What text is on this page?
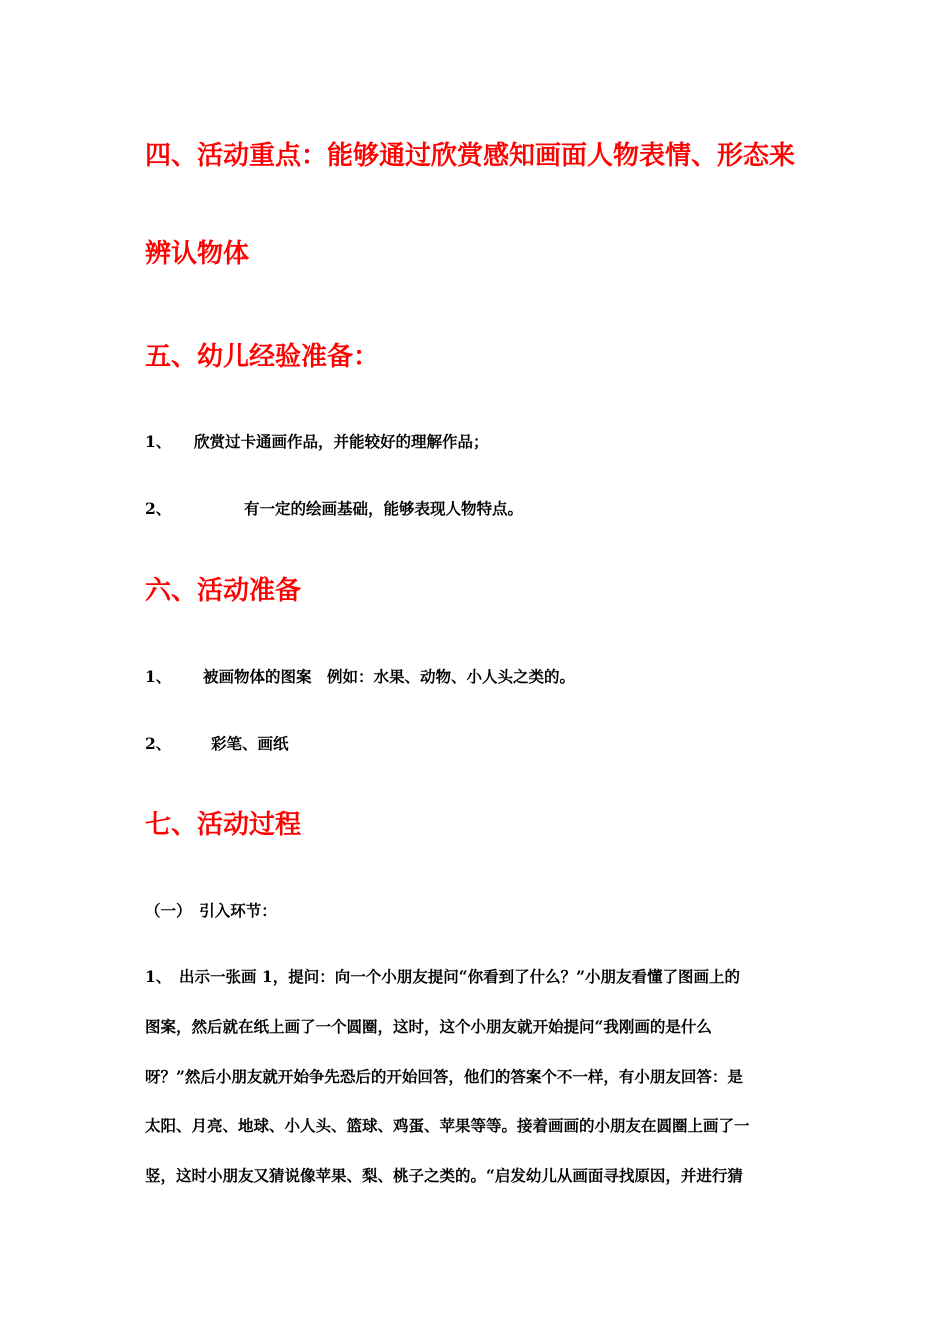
四、活动重点：能够通过欣赏感知画面人物表情、形态来
辨认物体
五、幼儿经验准备：
1、 欣赏过卡通画作品，并能较好的理解作品；
2、	有一定的绘画基础，能够表现人物特点。
六、活动准备
1、 被画物体的图案　例如：水果、动物、小人头之类的。
2、	彩笔、画纸
七、活动过程
（一）　引入环节：
1、　出示一张画 1，提问：向一个小朋友提问“你看到了什么？”小朋友看懂了图画上的
图案，然后就在纸上画了一个圆圈，这时，这个小朋友就开始提问“我刚画的是什么
呀？”然后小朋友就开始争先恐后的开始回答，他们的答案个不一样，有小朋友回答：是
太阳、月亮、地球、小人头、篮球、鸡蛋、苹果等等。接着画画的小朋友在圆圈上画了一
竖，这时小朋友又猜说像苹果、梨、桃子之类的。“启发幼儿从画面寻找原因，并进行猜
